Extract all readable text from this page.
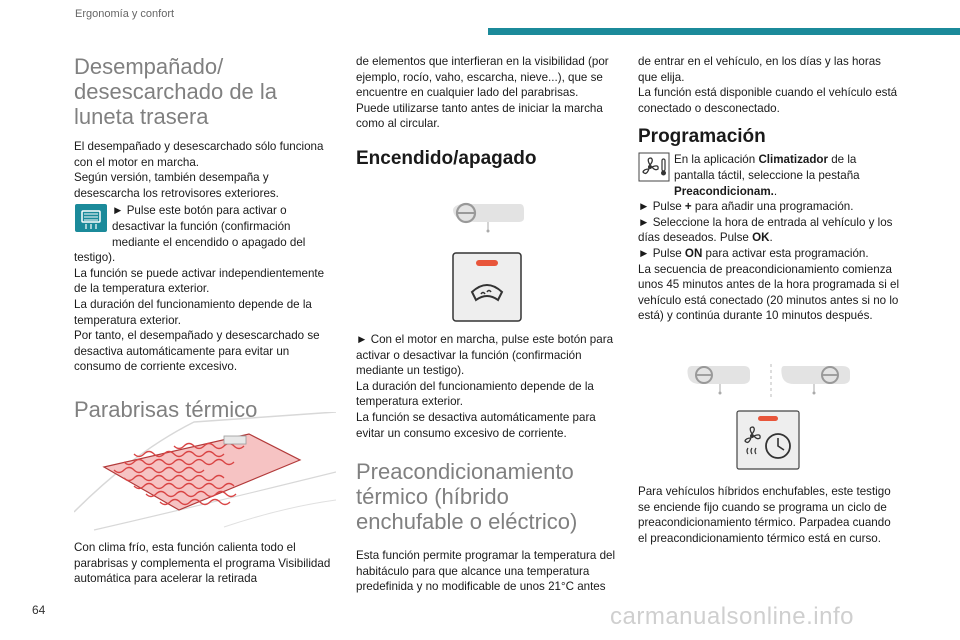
Ergonomía y confort
Desempañado/ desescarchado de la luneta trasera

El desempañado y desescarchado sólo funciona con el motor en marcha.

Según versión, también desempaña y desescarcha los retrovisores exteriores.

► Pulse este botón para activar o desactivar la función (confirmación mediante el encendido o apagado del testigo).

La función se puede activar independientemente de la temperatura exterior.

La duración del funcionamiento depende de la temperatura exterior.

Por tanto, el desempañado y desescarchado se desactiva automáticamente para evitar un consumo de corriente excesivo.

Parabrisas térmico

Con clima frío, esta función calienta todo el parabrisas y complementa el programa Visibilidad automática para acelerar la retirada

de elementos que interfieran en la visibilidad (por ejemplo, rocío, vaho, escarcha, nieve...), que se encuentre en cualquier lado del parabrisas.

Puede utilizarse tanto antes de iniciar la marcha como al circular.

Encendido/apagado

► Con el motor en marcha, pulse este botón para activar o desactivar la función (confirmación mediante un testigo).

La duración del funcionamiento depende de la temperatura exterior.

La función se desactiva automáticamente para evitar un consumo excesivo de corriente.

Preacondicionamiento térmico (híbrido enchufable o eléctrico)

Esta función permite programar la temperatura del habitáculo para que alcance una temperatura predefinida y no modificable de unos 21°C antes

de entrar en el vehículo, en los días y las horas que elija.

La función está disponible cuando el vehículo está conectado o desconectado.

Programación

En la aplicación Climatizador de la pantalla táctil, seleccione la pestaña Preacondicionam..

► Pulse + para añadir una programación.

► Seleccione la hora de entrada al vehículo y los días deseados. Pulse OK.

► Pulse ON para activar esta programación.

La secuencia de preacondicionamiento comienza unos 45 minutos antes de la hora programada si el vehículo está conectado (20 minutos antes si no lo está) y continúa durante 10 minutos después.

Para vehículos híbridos enchufables, este testigo se enciende fijo cuando se programa un ciclo de preacondicionamiento térmico. Parpadea cuando el preacondicionamiento térmico está en curso.

64	carmanualsonline.info
